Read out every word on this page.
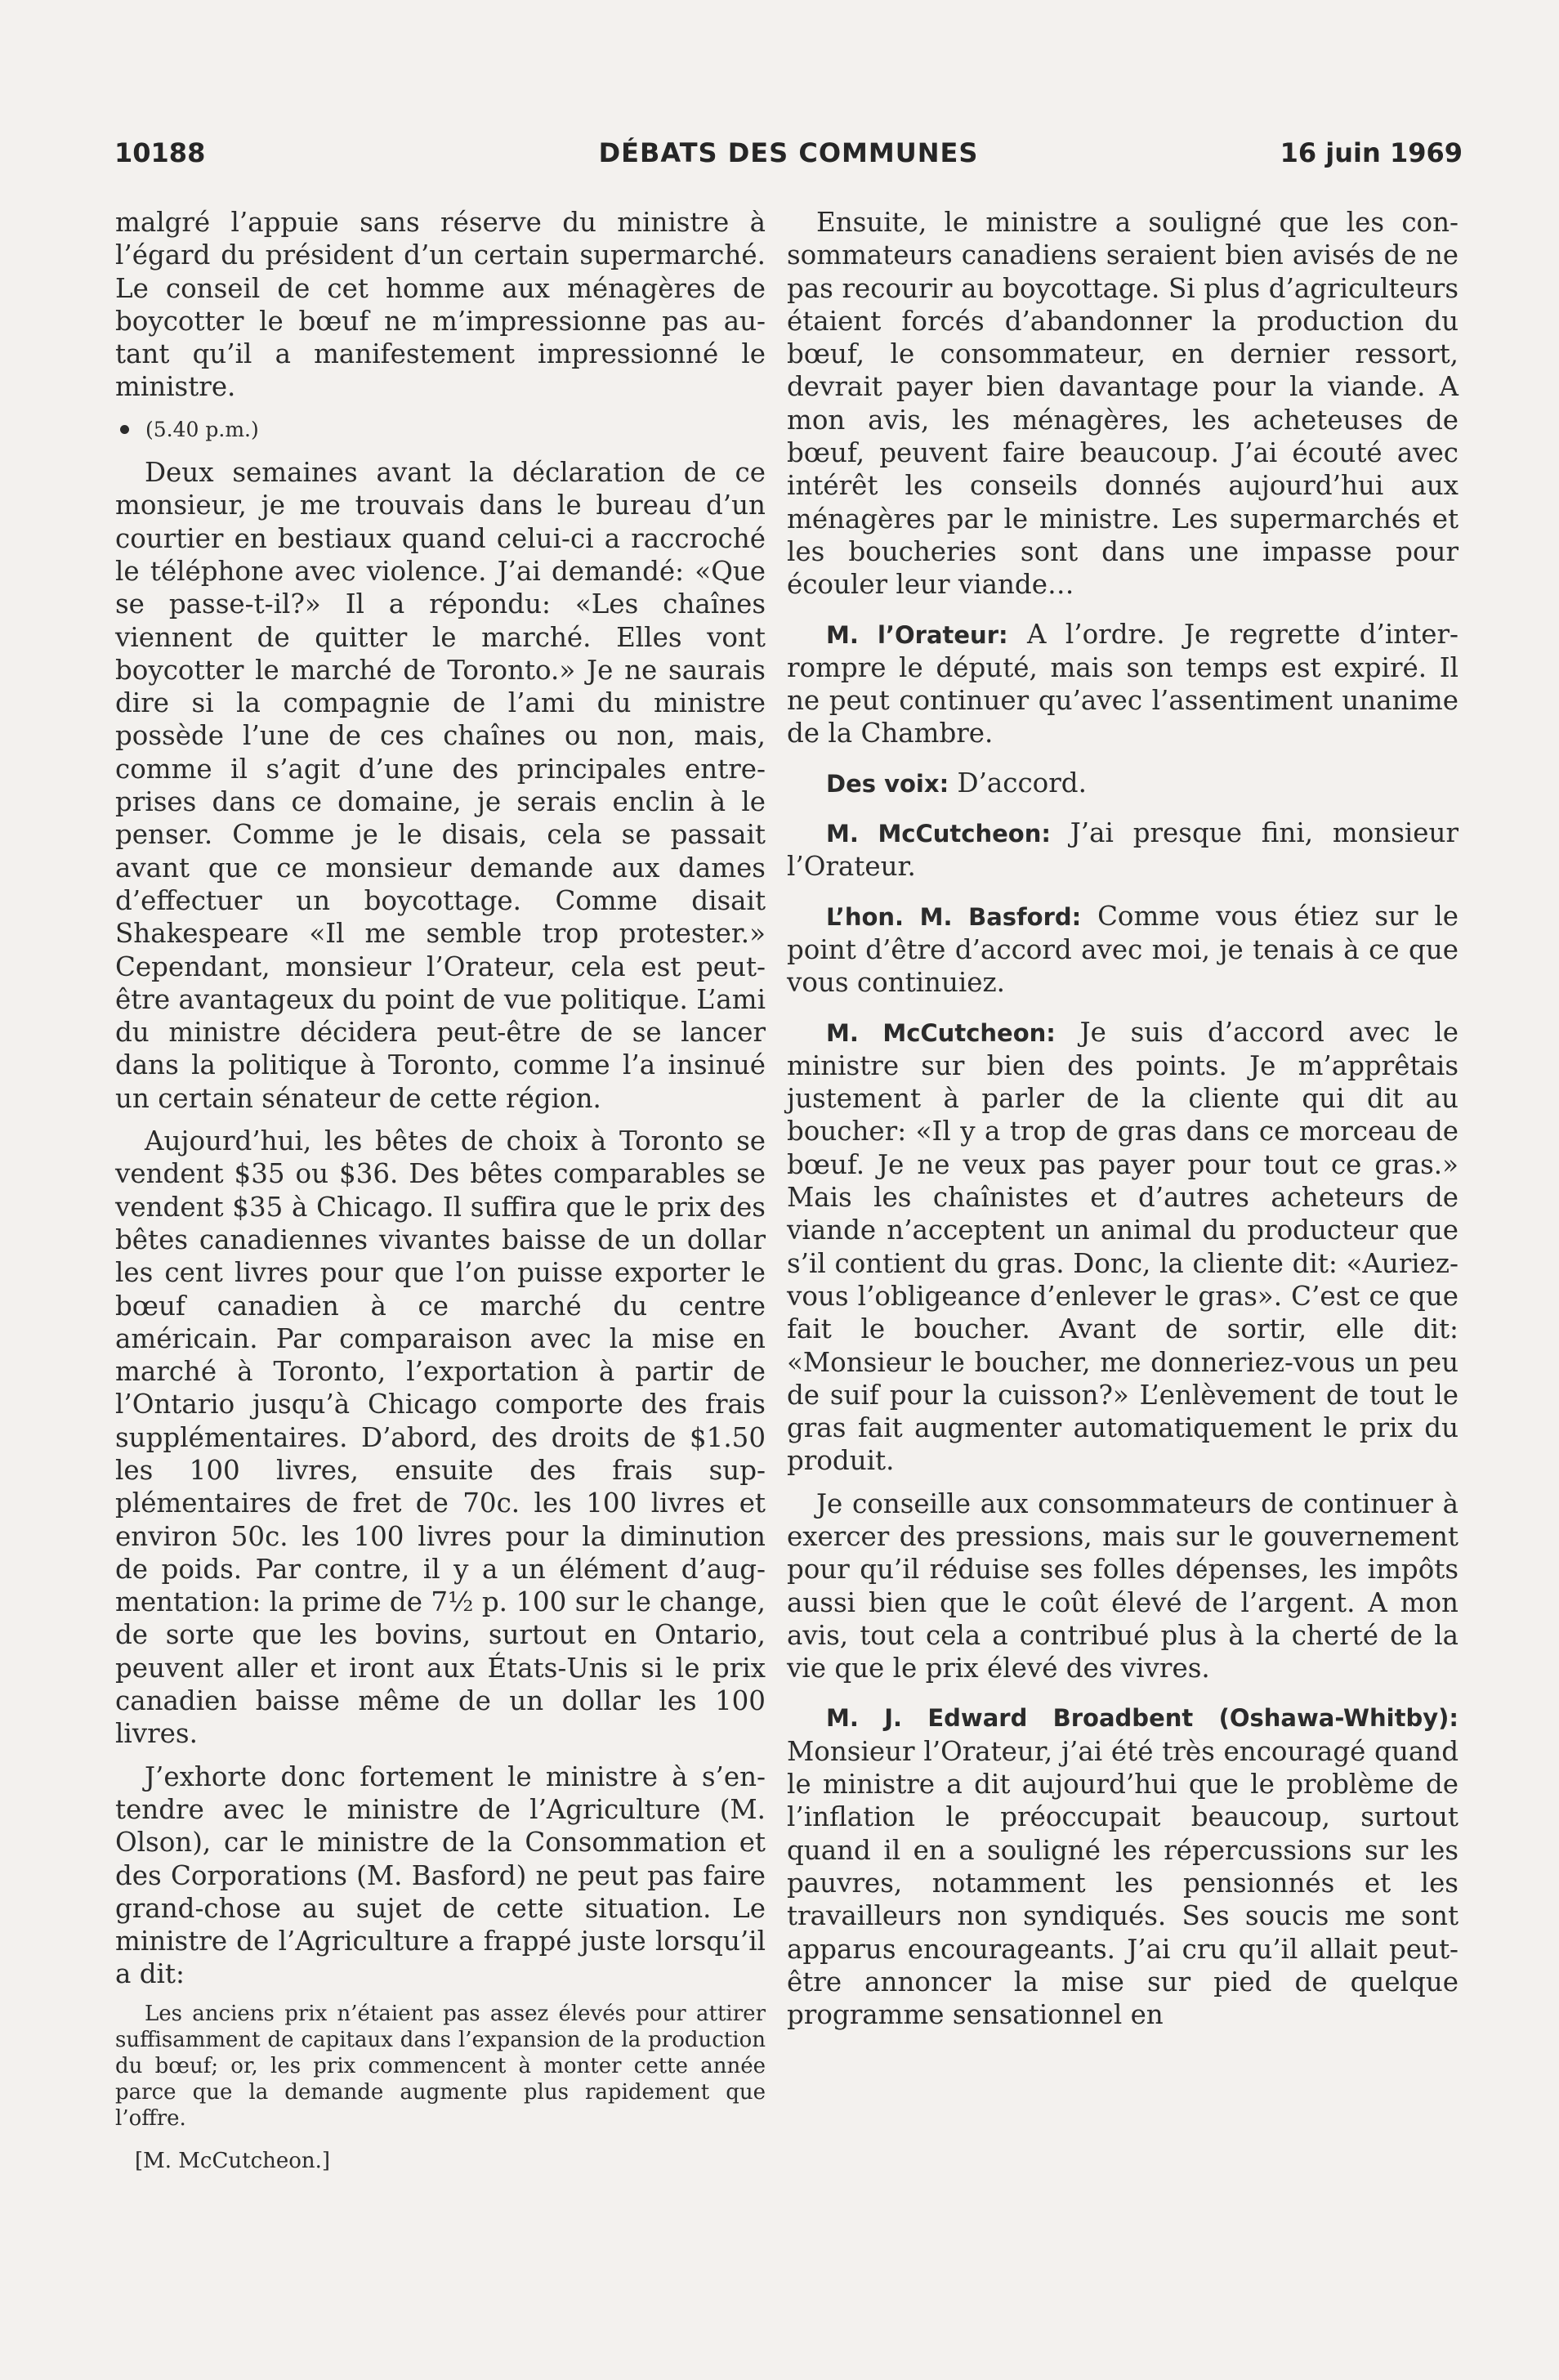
10188	DÉBATS DES COMMUNES	16 juin 1969

malgré l’appuie sans réserve du ministre à l’égard du président d’un certain supermarché. Le conseil de cet homme aux ménagères de boycotter le bœuf ne m’impressionne pas autant qu’il a manifestement impressionné le ministre.

(5.40 p.m.)

Deux semaines avant la déclaration de ce monsieur, je me trouvais dans le bureau d’un courtier en bestiaux quand celui-ci a raccroché le téléphone avec violence. J’ai demandé: «Que se passe-t-il?» Il a répondu: «Les chaînes viennent de quitter le marché. Elles vont boycotter le marché de Toronto.» Je ne saurais dire si la compagnie de l’ami du ministre possède l’une de ces chaînes ou non, mais, comme il s’agit d’une des principales entreprises dans ce domaine, je serais enclin à le penser. Comme je le disais, cela se passait avant que ce monsieur demande aux dames d’effectuer un boycottage. Comme disait Shakespeare «Il me semble trop protester.» Cependant, monsieur l’Orateur, cela est peut-être avantageux du point de vue politique. L’ami du ministre décidera peut-être de se lancer dans la politique à Toronto, comme l’a insinué un certain sénateur de cette région.

Aujourd’hui, les bêtes de choix à Toronto se vendent $35 ou $36. Des bêtes comparables se vendent $35 à Chicago. Il suffira que le prix des bêtes canadiennes vivantes baisse de un dollar les cent livres pour que l’on puisse exporter le bœuf canadien à ce marché du centre américain. Par comparaison avec la mise en marché à Toronto, l’exportation à partir de l’Ontario jusqu’à Chicago comporte des frais supplémentaires. D’abord, des droits de $1.50 les 100 livres, ensuite des frais supplémentaires de fret de 70c. les 100 livres et environ 50c. les 100 livres pour la diminution de poids. Par contre, il y a un élément d’augmentation: la prime de 7½ p. 100 sur le change, de sorte que les bovins, surtout en Ontario, peuvent aller et iront aux États-Unis si le prix canadien baisse même de un dollar les 100 livres.

J’exhorte donc fortement le ministre à s’entendre avec le ministre de l’Agriculture (M. Olson), car le ministre de la Consommation et des Corporations (M. Basford) ne peut pas faire grand-chose au sujet de cette situation. Le ministre de l’Agriculture a frappé juste lorsqu’il a dit:

Les anciens prix n’étaient pas assez élevés pour attirer suffisamment de capitaux dans l’expansion de la production du bœuf; or, les prix commencent à monter cette année parce que la demande augmente plus rapidement que l’offre.

[M. McCutcheon.]

Ensuite, le ministre a souligné que les consommateurs canadiens seraient bien avisés de ne pas recourir au boycottage. Si plus d’agriculteurs étaient forcés d’abandonner la production du bœuf, le consommateur, en dernier ressort, devrait payer bien davantage pour la viande. A mon avis, les ménagères, les acheteuses de bœuf, peuvent faire beaucoup. J’ai écouté avec intérêt les conseils donnés aujourd’hui aux ménagères par le ministre. Les supermarchés et les boucheries sont dans une impasse pour écouler leur viande…

M. l’Orateur: A l’ordre. Je regrette d’interrompre le député, mais son temps est expiré. Il ne peut continuer qu’avec l’assentiment unanime de la Chambre.

Des voix: D’accord.

M. McCutcheon: J’ai presque fini, monsieur l’Orateur.

L’hon. M. Basford: Comme vous étiez sur le point d’être d’accord avec moi, je tenais à ce que vous continuiez.

M. McCutcheon: Je suis d’accord avec le ministre sur bien des points. Je m’apprêtais justement à parler de la cliente qui dit au boucher: «Il y a trop de gras dans ce morceau de bœuf. Je ne veux pas payer pour tout ce gras.» Mais les chaînistes et d’autres acheteurs de viande n’acceptent un animal du producteur que s’il contient du gras. Donc, la cliente dit: «Auriez-vous l’obligeance d’enlever le gras». C’est ce que fait le boucher. Avant de sortir, elle dit: «Monsieur le boucher, me donneriez-vous un peu de suif pour la cuisson?» L’enlèvement de tout le gras fait augmenter automatiquement le prix du produit.

Je conseille aux consommateurs de continuer à exercer des pressions, mais sur le gouvernement pour qu’il réduise ses folles dépenses, les impôts aussi bien que le coût élevé de l’argent. A mon avis, tout cela a contribué plus à la cherté de la vie que le prix élevé des vivres.

M. J. Edward Broadbent (Oshawa-Whitby): Monsieur l’Orateur, j’ai été très encouragé quand le ministre a dit aujourd’hui que le problème de l’inflation le préoccupait beaucoup, surtout quand il en a souligné les répercussions sur les pauvres, notamment les pensionnés et les travailleurs non syndiqués. Ses soucis me sont apparus encourageants. J’ai cru qu’il allait peut-être annoncer la mise sur pied de quelque programme sensationnel en
